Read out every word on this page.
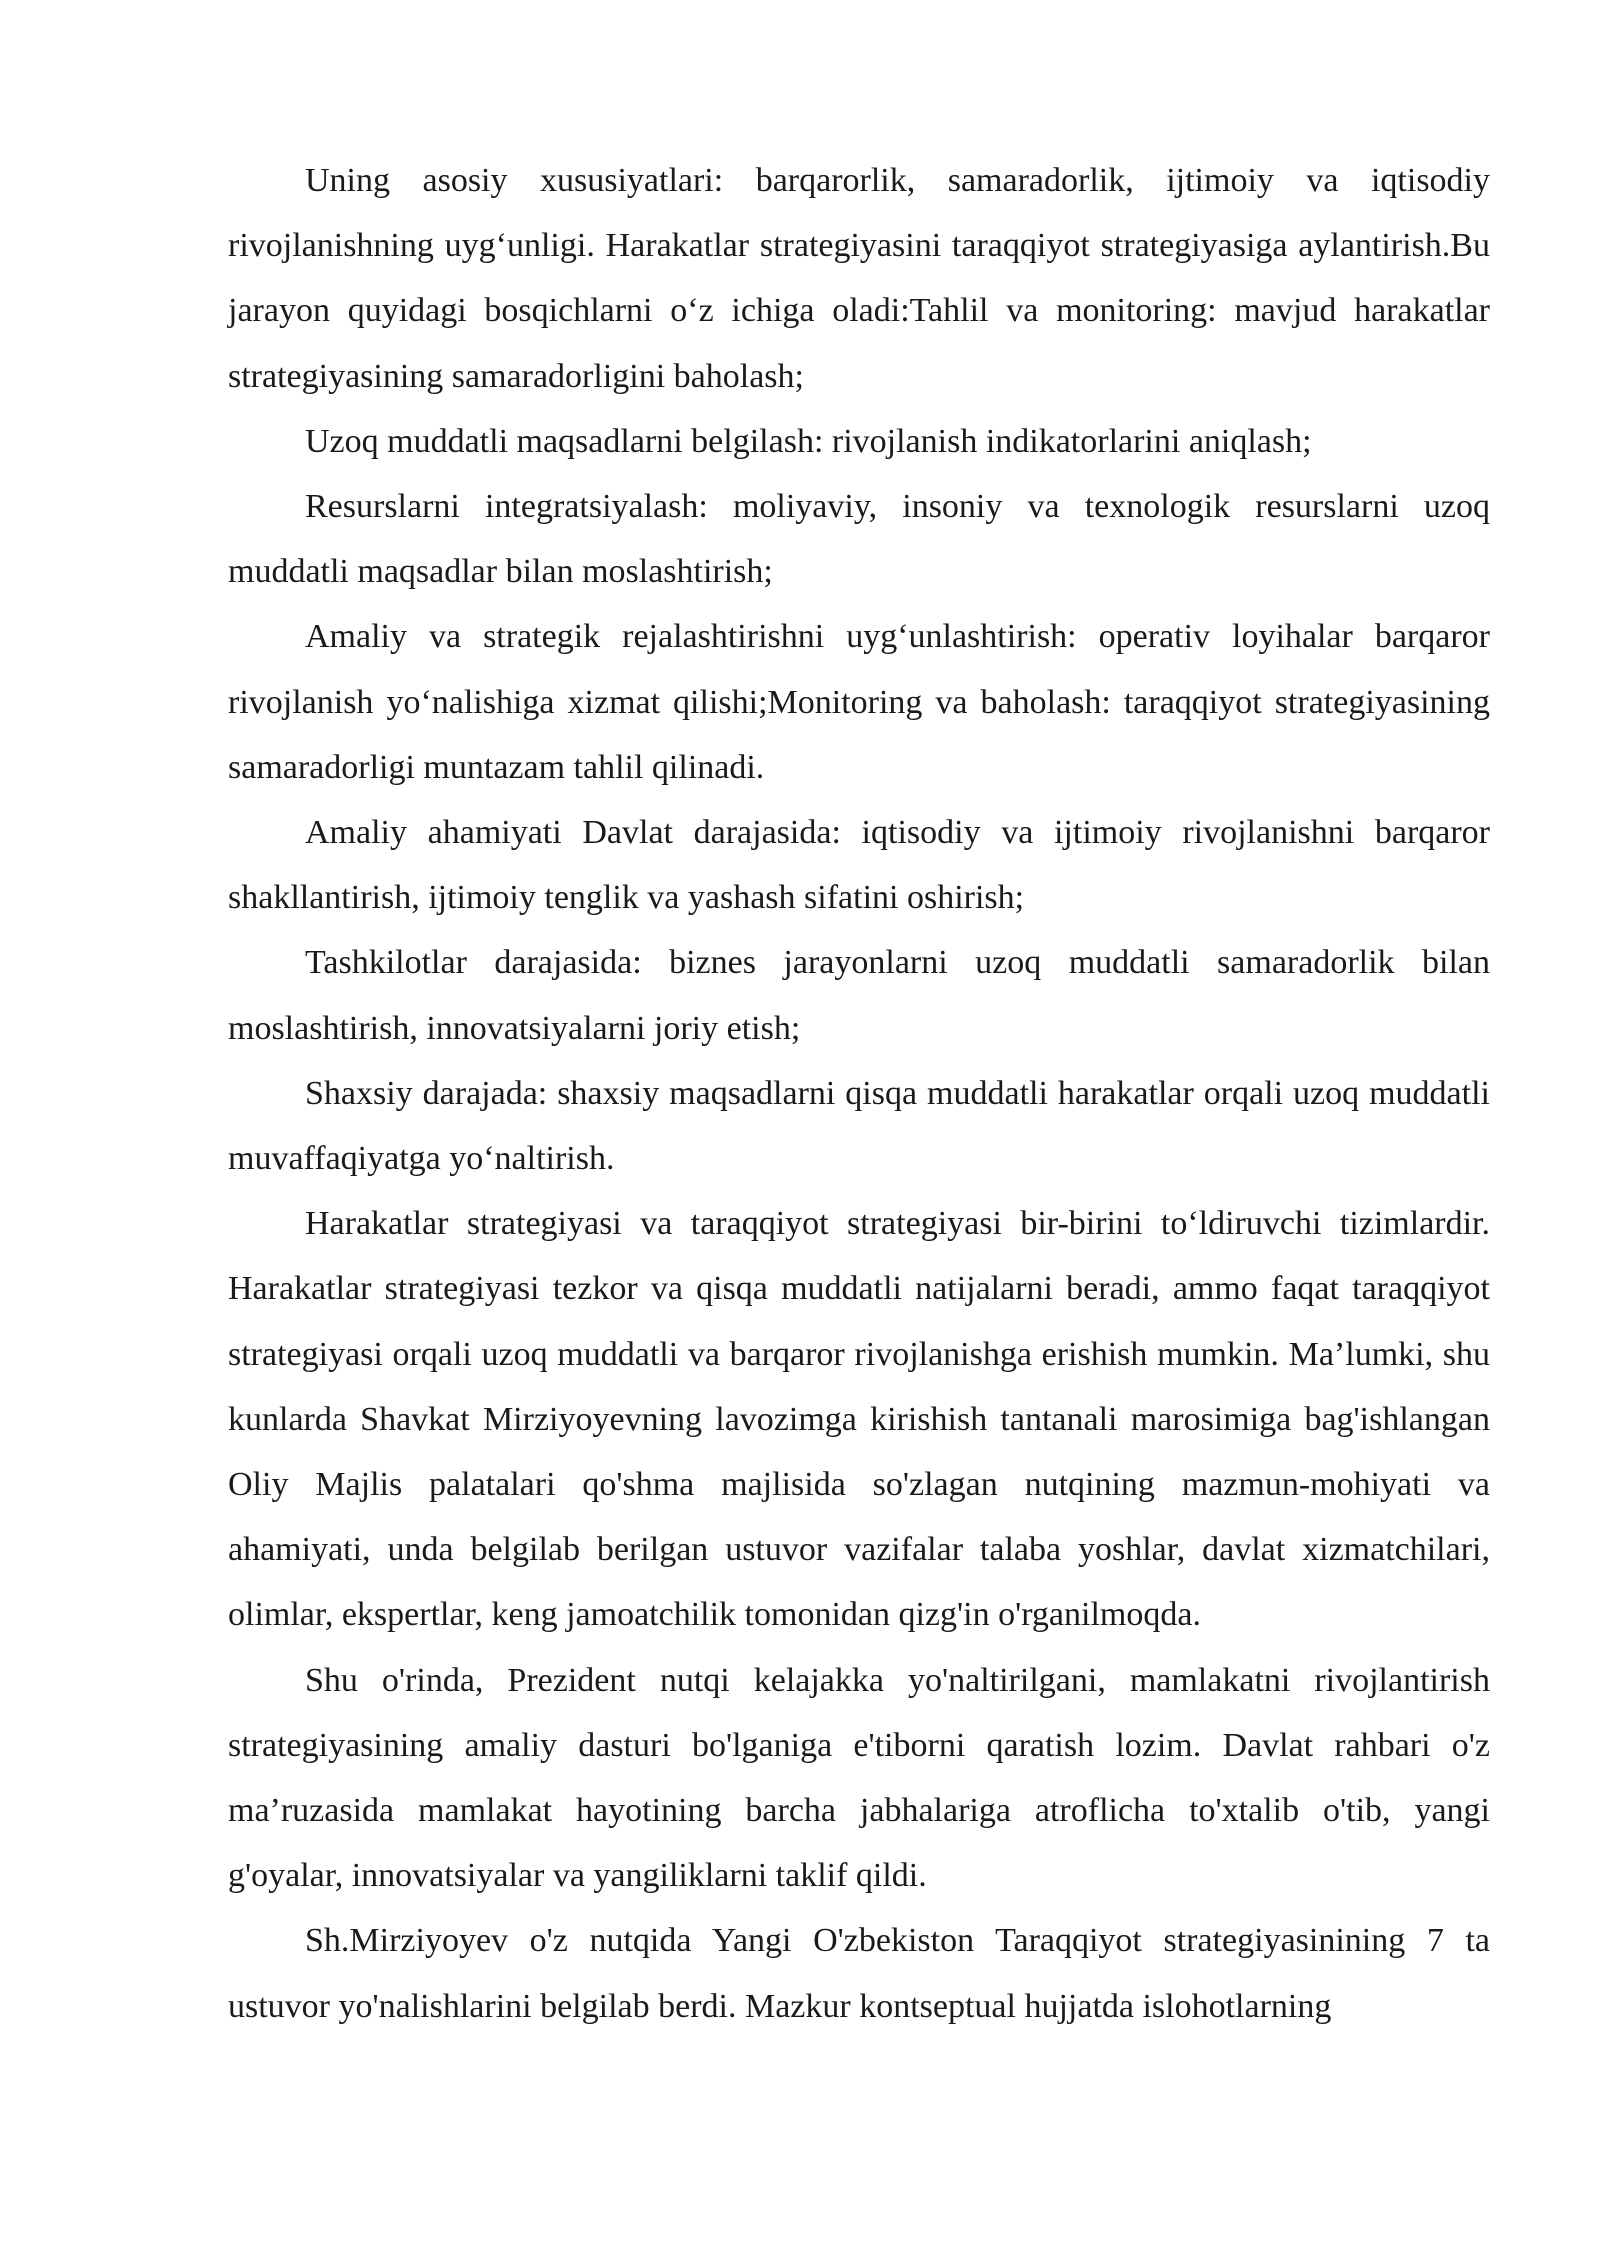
Uning asosiy xususiyatlari: barqarorlik, samaradorlik, ijtimoiy va iqtisodiy rivojlanishning uyg‘unligi. Harakatlar strategiyasini taraqqiyot strategiyasiga aylantirish.Bu jarayon quyidagi bosqichlarni o‘z ichiga oladi:Tahlil va monitoring: mavjud harakatlar strategiyasining samaradorligini baholash;

Uzoq muddatli maqsadlarni belgilash: rivojlanish indikatorlarini aniqlash;

Resurslarni integratsiyalash: moliyaviy, insoniy va texnologik resurslarni uzoq muddatli maqsadlar bilan moslashtirish;

Amaliy va strategik rejalashtirishni uyg‘unlashtirish: operativ loyihalar barqaror rivojlanish yo‘nalishiga xizmat qilishi;Monitoring va baholash: taraqqiyot strategiyasining samaradorligi muntazam tahlil qilinadi.

Amaliy ahamiyati Davlat darajasida: iqtisodiy va ijtimoiy rivojlanishni barqaror shakllantirish, ijtimoiy tenglik va yashash sifatini oshirish;

Tashkilotlar darajasida: biznes jarayonlarni uzoq muddatli samaradorlik bilan moslashtirish, innovatsiyalarni joriy etish;

Shaxsiy darajada: shaxsiy maqsadlarni qisqa muddatli harakatlar orqali uzoq muddatli muvaffaqiyatga yo‘naltirish.

Harakatlar strategiyasi va taraqqiyot strategiyasi bir-birini to‘ldiruvchi tizimlardir. Harakatlar strategiyasi tezkor va qisqa muddatli natijalarni beradi, ammo faqat taraqqiyot strategiyasi orqali uzoq muddatli va barqaror rivojlanishga erishish mumkin. Ma’lumki, shu kunlarda Shavkat Mirziyoyevning lavozimga kirishish tantanali marosimiga bag'ishlangan Oliy Majlis palatalari qo'shma majlisida so'zlagan nutqining mazmun-mohiyati va ahamiyati, unda belgilab berilgan ustuvor vazifalar talaba yoshlar, davlat xizmatchilari, olimlar, ekspertlar, keng jamoatchilik tomonidan qizg'in o'rganilmoqda.

Shu o'rinda, Prezident nutqi kelajakka yo'naltirilgani, mamlakatni rivojlantirish strategiyasining amaliy dasturi bo'lganiga e'tiborni qaratish lozim. Davlat rahbari o'z ma’ruzasida mamlakat hayotining barcha jabhalariga atroflicha to'xtalib o'tib, yangi g'oyalar, innovatsiyalar va yangiliklarni taklif qildi.

Sh.Mirziyoyev o'z nutqida Yangi O'zbekiston Taraqqiyot strategiyasinining 7 ta ustuvor yo'nalishlarini belgilab berdi. Mazkur kontseptual hujjatda islohotlarning
